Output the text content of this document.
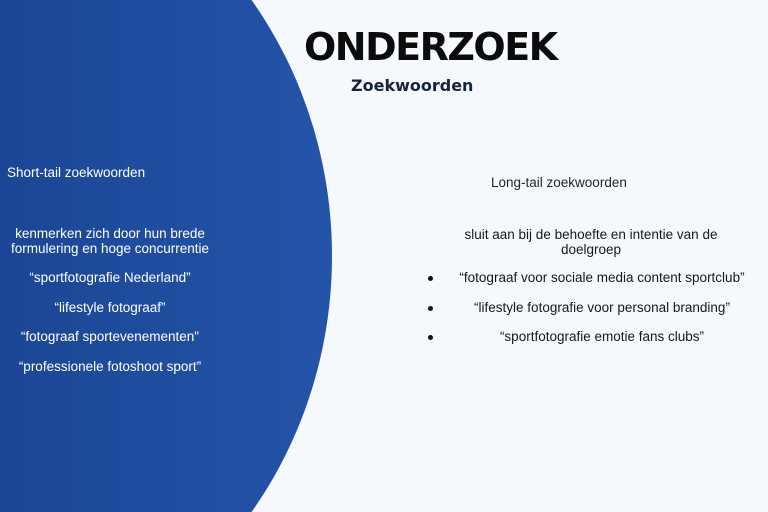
ONDERZOEK
Zoekwoorden
Short-tail zoekwoorden

kenmerken zich door hun brede formulering en hoge concurrentie

“sportfotografie Nederland”
“lifestyle fotograaf”
“fotograaf sportevenementen"
“professionele fotoshoot sport”
Long-tail zoekwoorden

sluit aan bij de behoefte en intentie van de doelgroep

“fotograaf voor sociale media content sportclub”
“lifestyle fotografie voor personal branding”
“sportfotografie emotie fans clubs”
